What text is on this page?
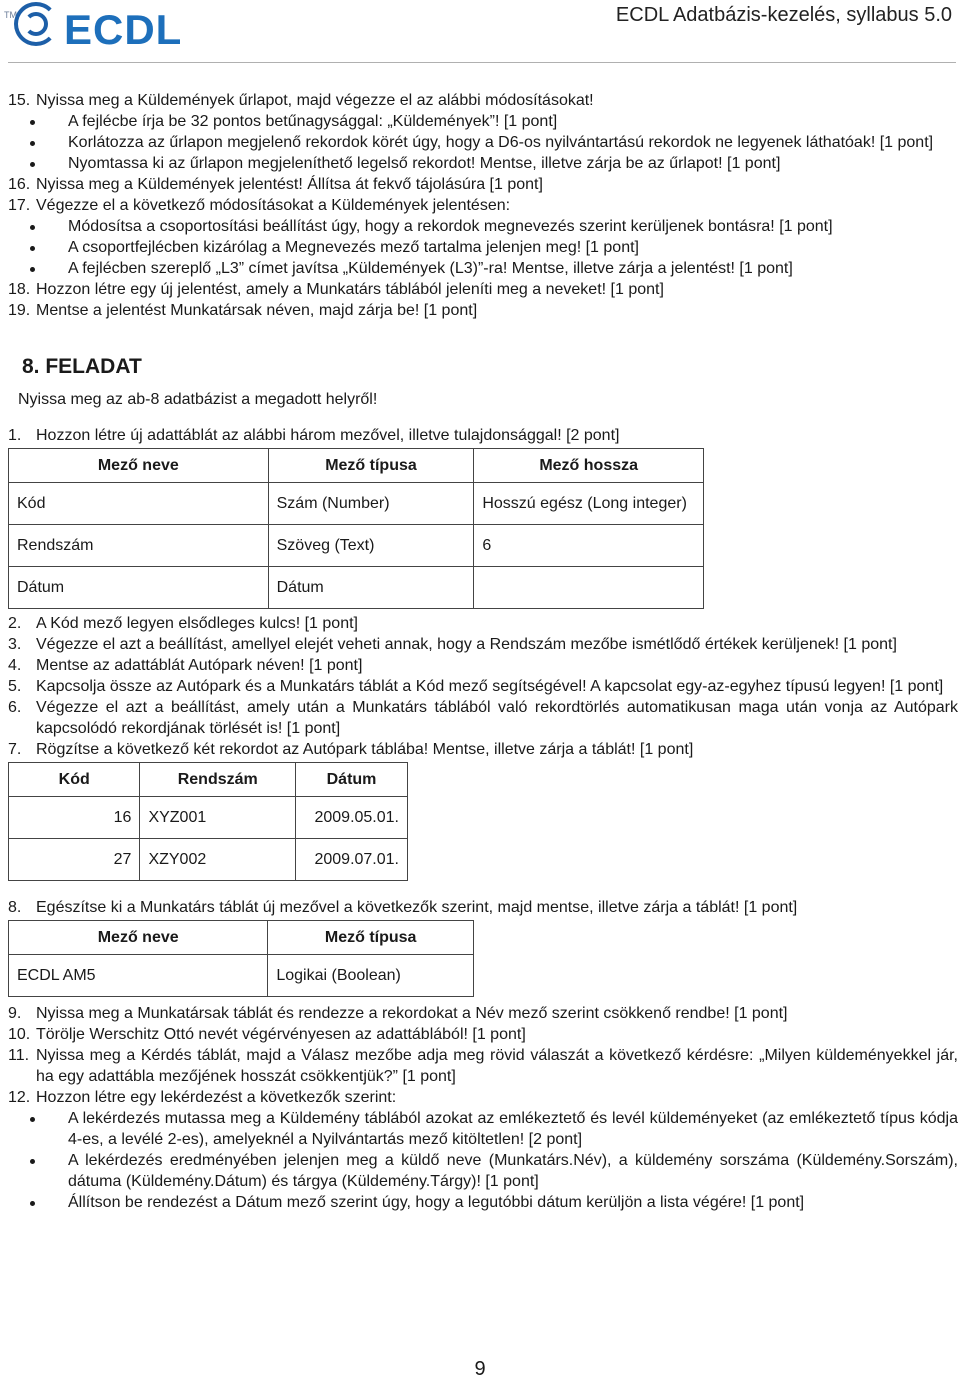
TM ECDL	ECDL Adatbázis-kezelés, syllabus 5.0
15. Nyissa meg a Küldemények űrlapot, majd végezze el az alábbi módosításokat!
A fejlécbe írja be 32 pontos betűnagysággal: „Küldemények”! [1 pont]
Korlátozza az űrlapon megjelenő rekordok körét úgy, hogy a D6-os nyilvántartású rekordok ne legyenek láthatóak! [1 pont]
Nyomtassa ki az űrlapon megjeleníthető legelső rekordot! Mentse, illetve zárja be az űrlapot! [1 pont]
16. Nyissa meg a Küldemények jelentést! Állítsa át fekvő tájolásúra [1 pont]
17. Végezze el a következő módosításokat a Küldemények jelentésen:
Módosítsa a csoportosítási beállítást úgy, hogy a rekordok megnevezés szerint kerüljenek bontásra! [1 pont]
A csoportfejlécben kizárólag a Megnevezés mező tartalma jelenjen meg! [1 pont]
A fejlécben szereplő „L3” címet javítsa „Küldemények (L3)”-ra! Mentse, illetve zárja a jelentést! [1 pont]
18. Hozzon létre egy új jelentést, amely a Munkatárs táblából jeleníti meg a neveket! [1 pont]
19. Mentse a jelentést Munkatársak néven, majd zárja be! [1 pont]
8. FELADAT
Nyissa meg az ab-8 adatbázist a megadott helyről!
1. Hozzon létre új adattáblát az alábbi három mezővel, illetve tulajdonsággal! [2 pont]
Mező neve	Mező típusa	Mező hossza
Kód	Szám (Number)	Hosszú egész (Long integer)
Rendszám	Szöveg (Text)	6
Dátum	Dátum	
2. A Kód mező legyen elsődleges kulcs! [1 pont]
3. Végezze el azt a beállítást, amellyel elejét veheti annak, hogy a Rendszám mezőbe ismétlődő értékek kerüljenek! [1 pont]
4. Mentse az adattáblát Autópark néven! [1 pont]
5. Kapcsolja össze az Autópark és a Munkatárs táblát a Kód mező segítségével! A kapcsolat egy-az-egyhez típusú legyen! [1 pont]
6. Végezze el azt a beállítást, amely után a Munkatárs táblából való rekordtörlés automatikusan maga után vonja az Autópark kapcsolódó rekordjának törlését is! [1 pont]
7. Rögzítse a következő két rekordot az Autópark táblába! Mentse, illetve zárja a táblát! [1 pont]
Kód	Rendszám	Dátum
16	XYZ001	2009.05.01.
27	XZY002	2009.07.01.
8. Egészítse ki a Munkatárs táblát új mezővel a következők szerint, majd mentse, illetve zárja a táblát! [1 pont]
Mező neve	Mező típusa
ECDL AM5	Logikai (Boolean)
9. Nyissa meg a Munkatársak táblát és rendezze a rekordokat a Név mező szerint csökkenő rendbe! [1 pont]
10. Törölje Werschitz Ottó nevét végérvényesen az adattáblából! [1 pont]
11. Nyissa meg a Kérdés táblát, majd a Válasz mezőbe adja meg rövid válaszát a következő kérdésre: „Milyen küldeményekkel jár, ha egy adattábla mezőjének hosszát csökkentjük?” [1 pont]
12. Hozzon létre egy lekérdezést a következők szerint:
A lekérdezés mutassa meg a Küldemény táblából azokat az emlékeztető és levél küldeményeket (az emlékeztető típus kódja 4-es, a levélé 2-es), amelyeknél a Nyilvántartás mező kitöltetlen! [2 pont]
A lekérdezés eredményében jelenjen meg a küldő neve (Munkatárs.Név), a küldemény sorszáma (Küldemény.Sorszám), dátuma (Küldemény.Dátum) és tárgya (Küldemény.Tárgy)! [1 pont]
Állítson be rendezést a Dátum mező szerint úgy, hogy a legutóbbi dátum kerüljön a lista végére! [1 pont]
9
